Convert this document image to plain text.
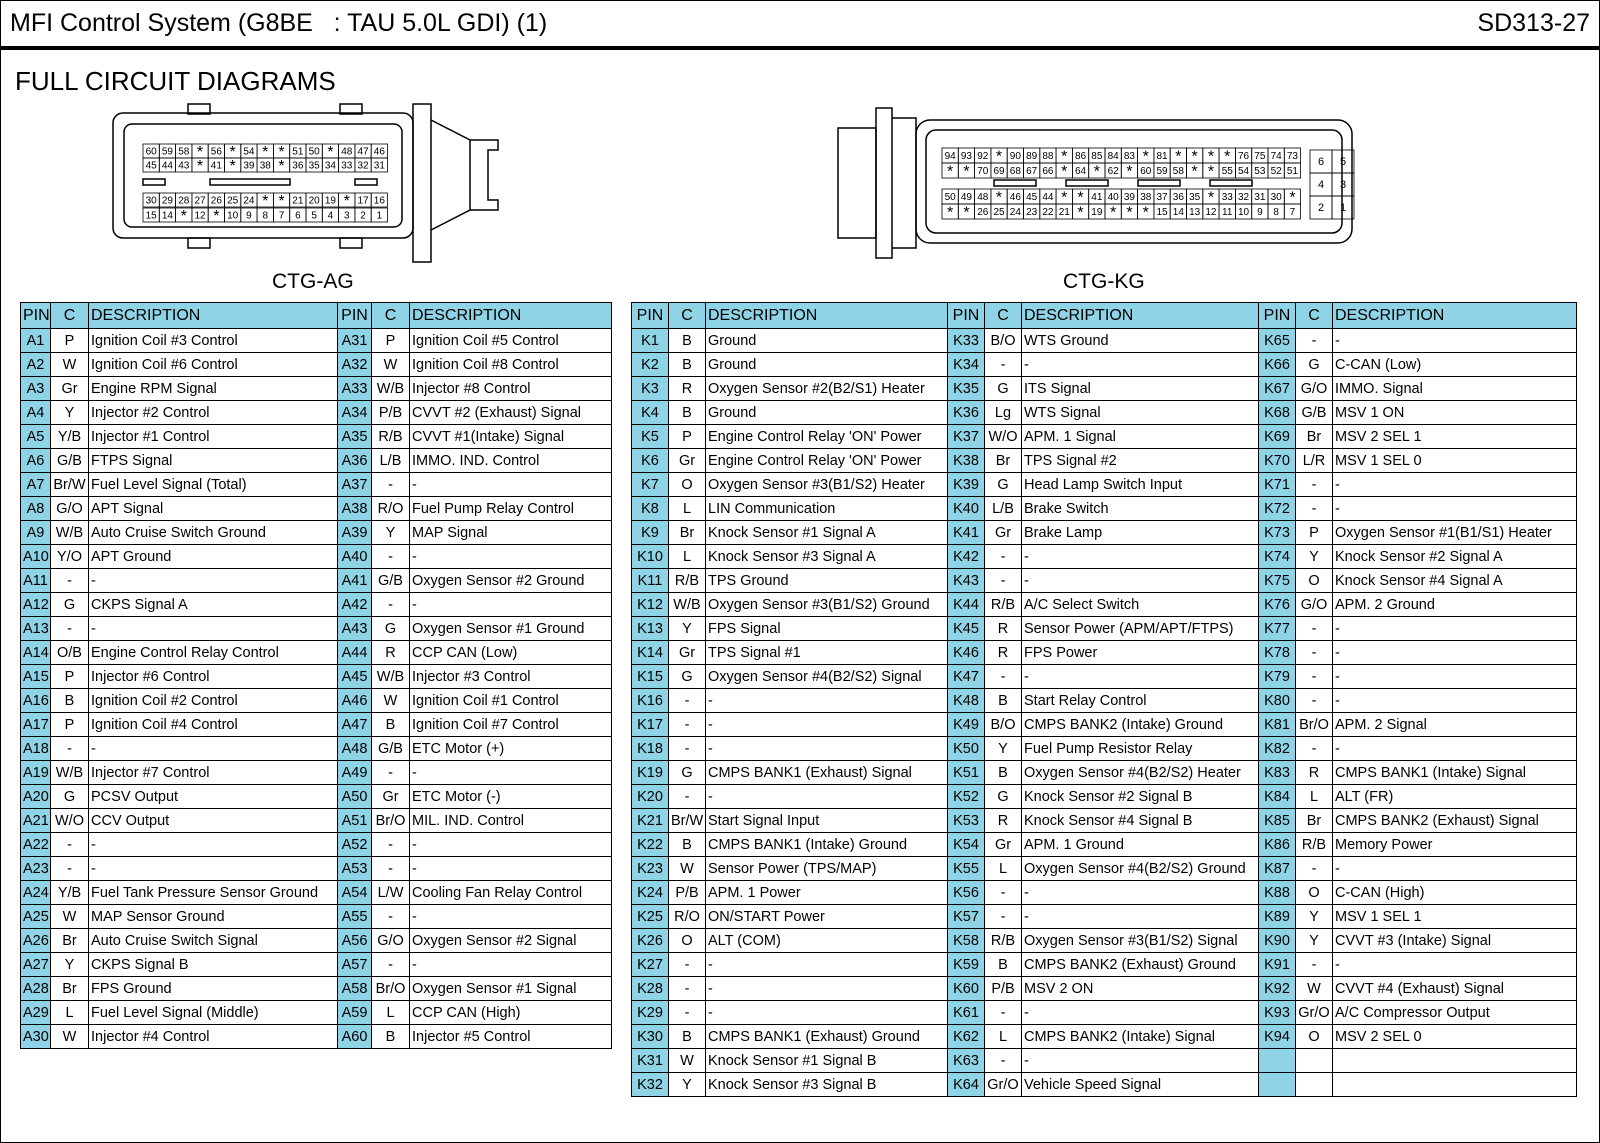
MFI Control System (G8BE   : TAU 5.0L GDI) (1)	SD313-27
FULL CIRCUIT DIAGRAMS
60 59 58 * 56 * 54 * * 51 50 * 48 47 46
45 44 43 * 41 * 39 38 * 36 35 34 33 32 31
30 29 28 27 26 25 24 * * 21 20 19 * 17 16
15 14 * 12 * 10 9 8 7 6 5 4 3 2 1
94 93 92 * 90 89 88 * 86 85 84 83 * 81 * * * * 76 75 74 73
* * 70 69 68 67 66 * 64 * 62 * 60 59 58 * * 55 54 53 52 51
50 49 48 * 46 45 44 * * 41 40 39 38 37 36 35 * 33 32 31 30 *
* * 26 25 24 23 22 21 * 19 * * * 15 14 13 12 11 10 9 8 7
6 5
4 3
2 1
CTG-AG	CTG-KG
PIN	C	DESCRIPTION
A1	P	Ignition Coil #3 Control
A2	W	Ignition Coil #6 Control
A3	Gr	Engine RPM Signal
A4	Y	Injector #2 Control
A5	Y/B	Injector #1 Control
A6	G/B	FTPS Signal
A7	Br/W	Fuel Level Signal (Total)
A8	G/O	APT Signal
A9	W/B	Auto Cruise Switch Ground
A10	Y/O	APT Ground
A11	-	-
A12	G	CKPS Signal A
A13	-	-
A14	O/B	Engine Control Relay Control
A15	P	Injector #6 Control
A16	B	Ignition Coil #2 Control
A17	P	Ignition Coil #4 Control
A18	-	-
A19	W/B	Injector #7 Control
A20	G	PCSV Output
A21	W/O	CCV Output
A22	-	-
A23	-	-
A24	Y/B	Fuel Tank Pressure Sensor Ground
A25	W	MAP Sensor Ground
A26	Br	Auto Cruise Switch Signal
A27	Y	CKPS Signal B
A28	Br	FPS Ground
A29	L	Fuel Level Signal (Middle)
A30	W	Injector #4 Control
PIN	C	DESCRIPTION
A31	P	Ignition Coil #5 Control
A32	W	Ignition Coil #8 Control
A33	W/B	Injector #8 Control
A34	P/B	CVVT #2 (Exhaust) Signal
A35	R/B	CVVT #1(Intake) Signal
A36	L/B	IMMO. IND. Control
A37	-	-
A38	R/O	Fuel Pump Relay Control
A39	Y	MAP Signal
A40	-	-
A41	G/B	Oxygen Sensor #2 Ground
A42	-	-
A43	G	Oxygen Sensor #1 Ground
A44	R	CCP CAN (Low)
A45	W/B	Injector #3 Control
A46	W	Ignition Coil #1 Control
A47	B	Ignition Coil #7 Control
A48	G/B	ETC Motor (+)
A49	-	-
A50	Gr	ETC Motor (-)
A51	Br/O	MIL. IND. Control
A52	-	-
A53	-	-
A54	L/W	Cooling Fan Relay Control
A55	-	-
A56	G/O	Oxygen Sensor #2 Signal
A57	-	-
A58	Br/O	Oxygen Sensor #1 Signal
A59	L	CCP CAN (High)
A60	B	Injector #5 Control
PIN	C	DESCRIPTION
K1	B	Ground
K2	B	Ground
K3	R	Oxygen Sensor #2(B2/S1) Heater
K4	B	Ground
K5	P	Engine Control Relay 'ON' Power
K6	Gr	Engine Control Relay 'ON' Power
K7	O	Oxygen Sensor #3(B1/S2) Heater
K8	L	LIN Communication
K9	Br	Knock Sensor #1 Signal A
K10	L	Knock Sensor #3 Signal A
K11	R/B	TPS Ground
K12	W/B	Oxygen Sensor #3(B1/S2) Ground
K13	Y	FPS Signal
K14	Gr	TPS Signal #1
K15	G	Oxygen Sensor #4(B2/S2) Signal
K16	-	-
K17	-	-
K18	-	-
K19	G	CMPS BANK1 (Exhaust) Signal
K20	-	-
K21	Br/W	Start Signal Input
K22	B	CMPS BANK1 (Intake) Ground
K23	W	Sensor Power (TPS/MAP)
K24	P/B	APM. 1 Power
K25	R/O	ON/START Power
K26	O	ALT (COM)
K27	-	-
K28	-	-
K29	-	-
K30	B	CMPS BANK1 (Exhaust) Ground
K31	W	Knock Sensor #1 Signal B
K32	Y	Knock Sensor #3 Signal B
PIN	C	DESCRIPTION
K33	B/O	WTS Ground
K34	-	-
K35	G	ITS Signal
K36	Lg	WTS Signal
K37	W/O	APM. 1 Signal
K38	Br	TPS Signal #2
K39	G	Head Lamp Switch Input
K40	L/B	Brake Switch
K41	Gr	Brake Lamp
K42	-	-
K43	-	-
K44	R/B	A/C Select Switch
K45	R	Sensor Power (APM/APT/FTPS)
K46	R	FPS Power
K47	-	-
K48	B	Start Relay Control
K49	B/O	CMPS BANK2 (Intake) Ground
K50	Y	Fuel Pump Resistor Relay
K51	B	Oxygen Sensor #4(B2/S2) Heater
K52	G	Knock Sensor #2 Signal B
K53	R	Knock Sensor #4 Signal B
K54	Gr	APM. 1 Ground
K55	L	Oxygen Sensor #4(B2/S2) Ground
K56	-	-
K57	-	-
K58	R/B	Oxygen Sensor #3(B1/S2) Signal
K59	B	CMPS BANK2 (Exhaust) Ground
K60	P/B	MSV 2 ON
K61	-	-
K62	L	CMPS BANK2 (Intake) Signal
K63	-	-
K64	Gr/O	Vehicle Speed Signal
PIN	C	DESCRIPTION
K65	-	-
K66	G	C-CAN (Low)
K67	G/O	IMMO. Signal
K68	G/B	MSV 1 ON
K69	Br	MSV 2 SEL 1
K70	L/R	MSV 1 SEL 0
K71	-	-
K72	-	-
K73	P	Oxygen Sensor #1(B1/S1) Heater
K74	Y	Knock Sensor #2 Signal A
K75	O	Knock Sensor #4 Signal A
K76	G/O	APM. 2 Ground
K77	-	-
K78	-	-
K79	-	-
K80	-	-
K81	Br/O	APM. 2 Signal
K82	-	-
K83	R	CMPS BANK1 (Intake) Signal
K84	L	ALT (FR)
K85	Br	CMPS BANK2 (Exhaust) Signal
K86	R/B	Memory Power
K87	-	-
K88	O	C-CAN (High)
K89	Y	MSV 1 SEL 1
K90	Y	CVVT #3 (Intake) Signal
K91	-	-
K92	W	CVVT #4 (Exhaust) Signal
K93	Gr/O	A/C Compressor Output
K94	O	MSV 2 SEL 0
